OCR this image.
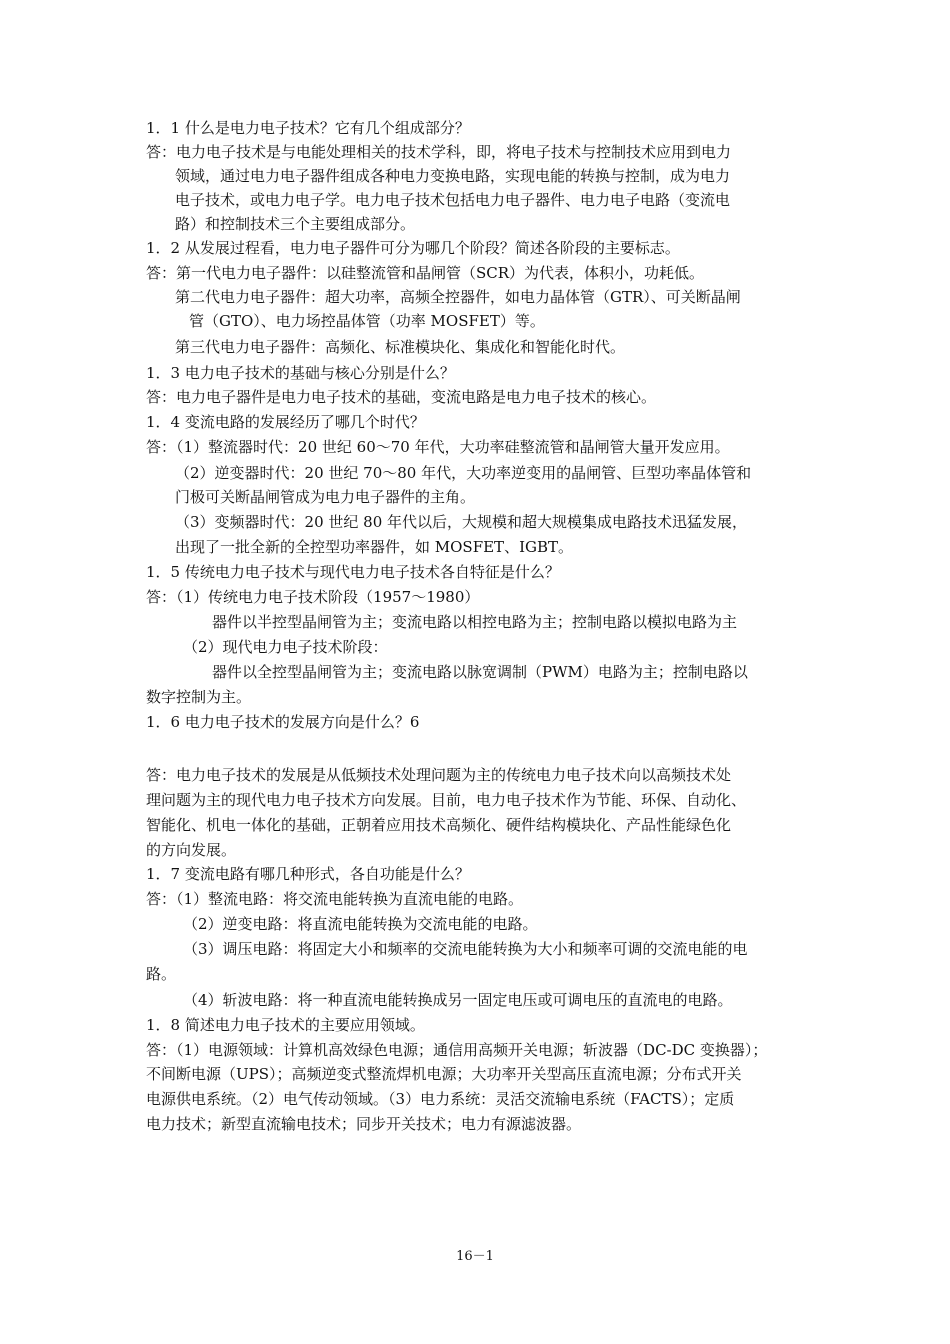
1．1 什么是电力电子技术？它有几个组成部分？
答：电力电子技术是与电能处理相关的技术学科，即，将电子技术与控制技术应用到电力
领域，通过电力电子器件组成各种电力变换电路，实现电能的转换与控制，成为电力
电子技术，或电力电子学。电力电子技术包括电力电子器件、电力电子电路（变流电
路）和控制技术三个主要组成部分。
1．2 从发展过程看，电力电子器件可分为哪几个阶段？简述各阶段的主要标志。
答：第一代电力电子器件：以硅整流管和晶闸管（SCR）为代表，体积小，功耗低。
第二代电力电子器件：超大功率，高频全控器件，如电力晶体管（GTR）、可关断晶闸
管（GTO）、电力场控晶体管（功率 MOSFET）等。
第三代电力电子器件：高频化、标准模块化、集成化和智能化时代。
1．3 电力电子技术的基础与核心分别是什么？
答：电力电子器件是电力电子技术的基础，变流电路是电力电子技术的核心。
1．4 变流电路的发展经历了哪几个时代？
答：（1）整流器时代：20 世纪 60～70 年代，大功率硅整流管和晶闸管大量开发应用。
（2）逆变器时代：20 世纪 70～80 年代，大功率逆变用的晶闸管、巨型功率晶体管和
门极可关断晶闸管成为电力电子器件的主角。
（3）变频器时代：20 世纪 80 年代以后，大规模和超大规模集成电路技术迅猛发展，
出现了一批全新的全控型功率器件，如 MOSFET、IGBT。
1．5 传统电力电子技术与现代电力电子技术各自特征是什么？
答：（1）传统电力电子技术阶段（1957～1980）
器件以半控型晶闸管为主；变流电路以相控电路为主；控制电路以模拟电路为主
（2）现代电力电子技术阶段：
器件以全控型晶闸管为主；变流电路以脉宽调制（PWM）电路为主；控制电路以
数字控制为主。
1．6 电力电子技术的发展方向是什么？6
答：电力电子技术的发展是从低频技术处理问题为主的传统电力电子技术向以高频技术处
理问题为主的现代电力电子技术方向发展。目前，电力电子技术作为节能、环保、自动化、
智能化、机电一体化的基础，正朝着应用技术高频化、硬件结构模块化、产品性能绿色化
的方向发展。
1．7 变流电路有哪几种形式，各自功能是什么？
答：（1）整流电路：将交流电能转换为直流电能的电路。
（2）逆变电路：将直流电能转换为交流电能的电路。
（3）调压电路：将固定大小和频率的交流电能转换为大小和频率可调的交流电能的电
路。
（4）斩波电路：将一种直流电能转换成另一固定电压或可调电压的直流电的电路。
1．8 简述电力电子技术的主要应用领域。
答：（1）电源领域：计算机高效绿色电源；通信用高频开关电源；斩波器（DC-DC 变换器）；
不间断电源（UPS）；高频逆变式整流焊机电源；大功率开关型高压直流电源；分布式开关
电源供电系统。（2）电气传动领域。（3）电力系统：灵活交流输电系统（FACTS）；定质
电力技术；新型直流输电技术；同步开关技术；电力有源滤波器。
16－1
